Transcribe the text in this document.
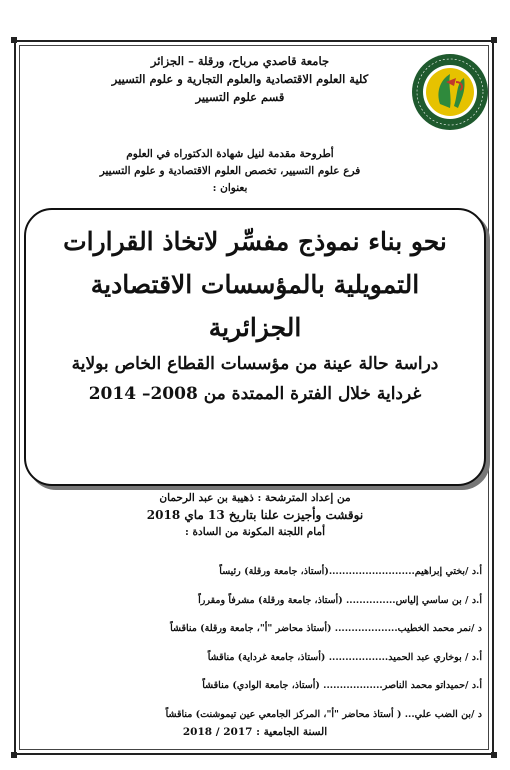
جامعة قاصدي مرباح، ورقلة – الجزائر
كلية العلوم الاقتصادية والعلوم التجارية و علوم التسيير
قسم علوم التسيير
أطروحة مقدمة لنيل شهادة الدكتوراه في العلوم
فرع علوم التسيير، تخصص العلوم الاقتصادية و علوم التسيير
بعنوان :
نحو بناء نموذج مفسِّر لاتخاذ القرارات
التمويلية بالمؤسسات الاقتصادية
الجزائرية
دراسة حالة عينة من مؤسسات القطاع الخاص بولاية
غرداية خلال الفترة الممتدة من 2008– 2014
من إعداد المترشحة : ذهيبة بن عبد الرحمان
نوقشت وأجيزت علنا بتاريخ 13 ماي 2018
أمام اللجنة المكونة من السادة :
أ.د /بختي إبراهيم..........................(أستاذ، جامعة ورقلة) رئيساً
أ.د / بن ساسي إلياس............... (أستاذ، جامعة ورقلة) مشرفاً ومقرراً
د /نمر محمد الخطيب................... (أستاذ محاضر "أ"، جامعة ورقلة) مناقشاً
أ.د / بوخاري عبد الحميد.................. (أستاذ، جامعة غرداية) مناقشاً
أ.د /حميداتو محمد الناصر.................. (أستاذ، جامعة الوادي) مناقشاً
د /بن الضب علي... ( أستاذ محاضر "أ"، المركز الجامعي عين تيموشنت) مناقشاً
السنة الجامعية : 2017 / 2018
